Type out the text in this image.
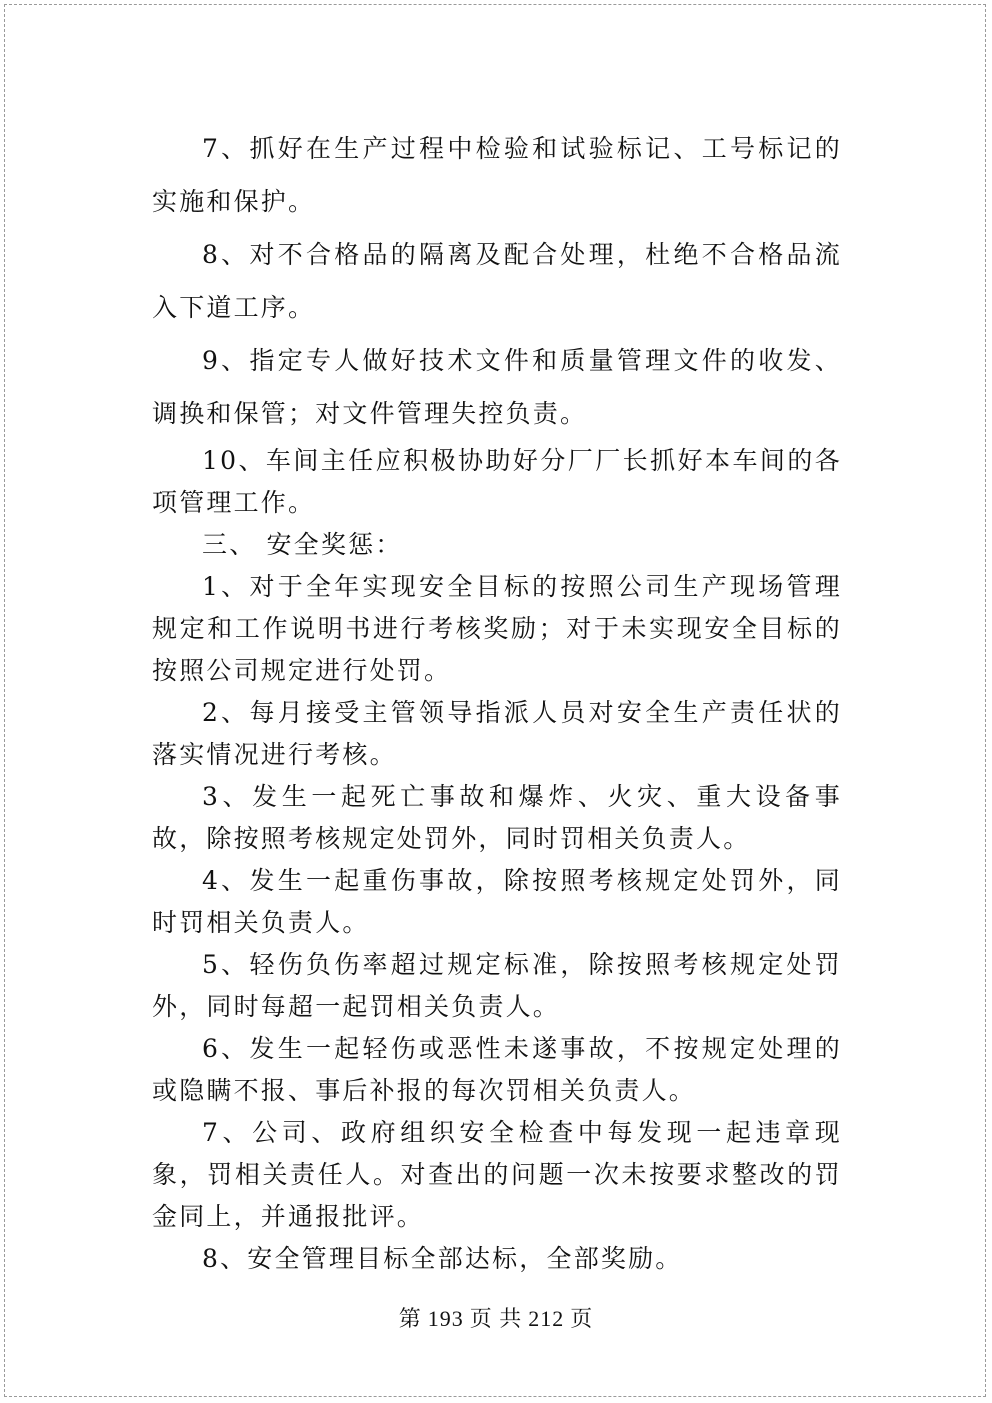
7、抓好在生产过程中检验和试验标记、工号标记的实施和保护。

8、对不合格品的隔离及配合处理，杜绝不合格品流入下道工序。

9、指定专人做好技术文件和质量管理文件的收发、调换和保管；对文件管理失控负责。

10、车间主任应积极协助好分厂厂长抓好本车间的各项管理工作。

三、 安全奖惩：

1、对于全年实现安全目标的按照公司生产现场管理规定和工作说明书进行考核奖励；对于未实现安全目标的按照公司规定进行处罚。

2、每月接受主管领导指派人员对安全生产责任状的落实情况进行考核。

3、发生一起死亡事故和爆炸、火灾、重大设备事故，除按照考核规定处罚外，同时罚相关负责人。

4、发生一起重伤事故，除按照考核规定处罚外，同时罚相关负责人。

5、轻伤负伤率超过规定标准，除按照考核规定处罚外，同时每超一起罚相关负责人。

6、发生一起轻伤或恶性未遂事故，不按规定处理的或隐瞒不报、事后补报的每次罚相关负责人。

7、公司、政府组织安全检查中每发现一起违章现象，罚相关责任人。对查出的问题一次未按要求整改的罚金同上，并通报批评。

8、安全管理目标全部达标，全部奖励。

第 193 页 共 212 页
